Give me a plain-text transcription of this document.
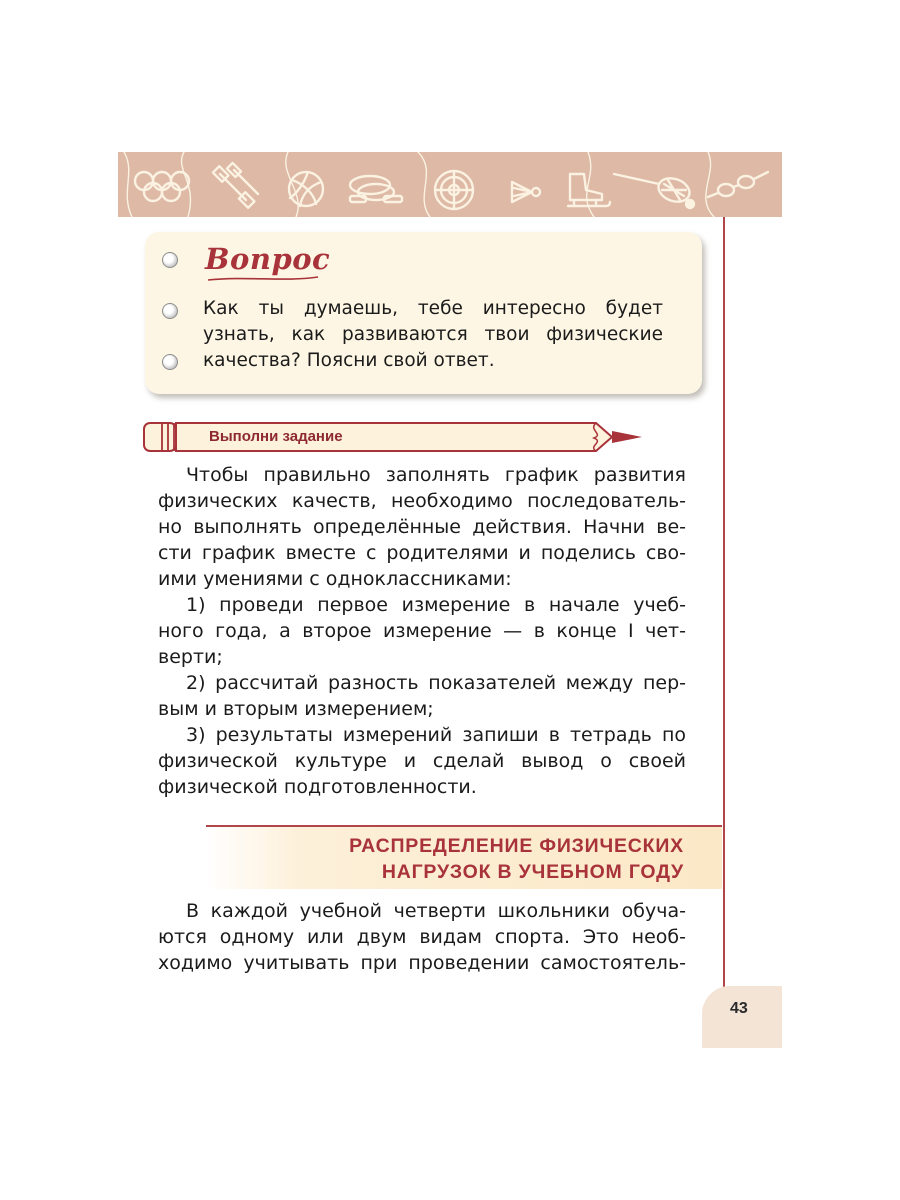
Вопрос
Как ты думаешь, тебе интересно будет
узнать, как развиваются твои физические
качества? Поясни свой ответ.
Выполни задание

Чтобы правильно заполнять график развития

физических качеств, необходимо последователь-

но выполнять определённые действия. Начни ве-

сти график вместе с родителями и поделись сво-

ими умениями с одноклассниками:

1) проведи первое измерение в начале учеб-

ного года, а второе измерение — в конце I чет-

верти;

2) рассчитай разность показателей между пер-

вым и вторым измерением;

3) результаты измерений запиши в тетрадь по

физической культуре и сделай вывод о своей

физической подготовленности.

РАСПРЕДЕЛЕНИЕ ФИЗИЧЕСКИХ
НАГРУЗОК В УЧЕБНОМ ГОДУ

В каждой учебной четверти школьники обуча-

ются одному или двум видам спорта. Это необ-

ходимо учитывать при проведении самостоятель-

43
